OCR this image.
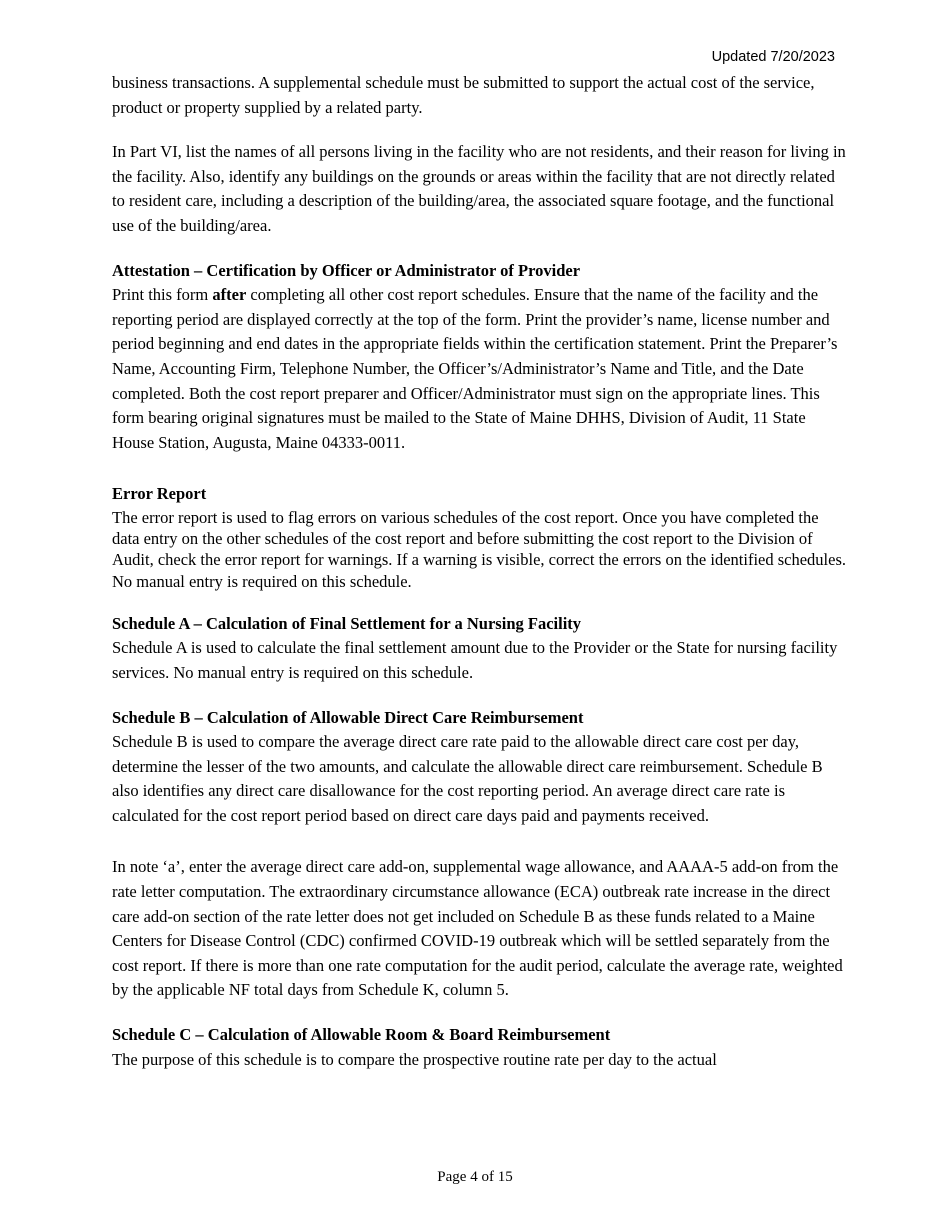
Updated 7/20/2023

business transactions. A supplemental schedule must be submitted to support the actual cost of the service, product or property supplied by a related party.

In Part VI, list the names of all persons living in the facility who are not residents, and their reason for living in the facility. Also, identify any buildings on the grounds or areas within the facility that are not directly related to resident care, including a description of the building/area, the associated square footage, and the functional use of the building/area.

Attestation – Certification by Officer or Administrator of Provider

Print this form after completing all other cost report schedules. Ensure that the name of the facility and the reporting period are displayed correctly at the top of the form. Print the provider’s name, license number and period beginning and end dates in the appropriate fields within the certification statement. Print the Preparer’s Name, Accounting Firm, Telephone Number, the Officer’s/Administrator’s Name and Title, and the Date completed. Both the cost report preparer and Officer/Administrator must sign on the appropriate lines. This form bearing original signatures must be mailed to the State of Maine DHHS, Division of Audit, 11 State House Station, Augusta, Maine 04333-0011.

Error Report

The error report is used to flag errors on various schedules of the cost report. Once you have completed the data entry on the other schedules of the cost report and before submitting the cost report to the Division of Audit, check the error report for warnings. If a warning is visible, correct the errors on the identified schedules. No manual entry is required on this schedule.

Schedule A – Calculation of Final Settlement for a Nursing Facility

Schedule A is used to calculate the final settlement amount due to the Provider or the State for nursing facility services. No manual entry is required on this schedule.

Schedule B – Calculation of Allowable Direct Care Reimbursement

Schedule B is used to compare the average direct care rate paid to the allowable direct care cost per day, determine the lesser of the two amounts, and calculate the allowable direct care reimbursement. Schedule B also identifies any direct care disallowance for the cost reporting period. An average direct care rate is calculated for the cost report period based on direct care days paid and payments received.

In note ‘a’, enter the average direct care add-on, supplemental wage allowance, and AAAA-5 add-on from the rate letter computation. The extraordinary circumstance allowance (ECA) outbreak rate increase in the direct care add-on section of the rate letter does not get included on Schedule B as these funds related to a Maine Centers for Disease Control (CDC) confirmed COVID-19 outbreak which will be settled separately from the cost report. If there is more than one rate computation for the audit period, calculate the average rate, weighted by the applicable NF total days from Schedule K, column 5.

Schedule C – Calculation of Allowable Room & Board Reimbursement

The purpose of this schedule is to compare the prospective routine rate per day to the actual

Page 4 of 15
